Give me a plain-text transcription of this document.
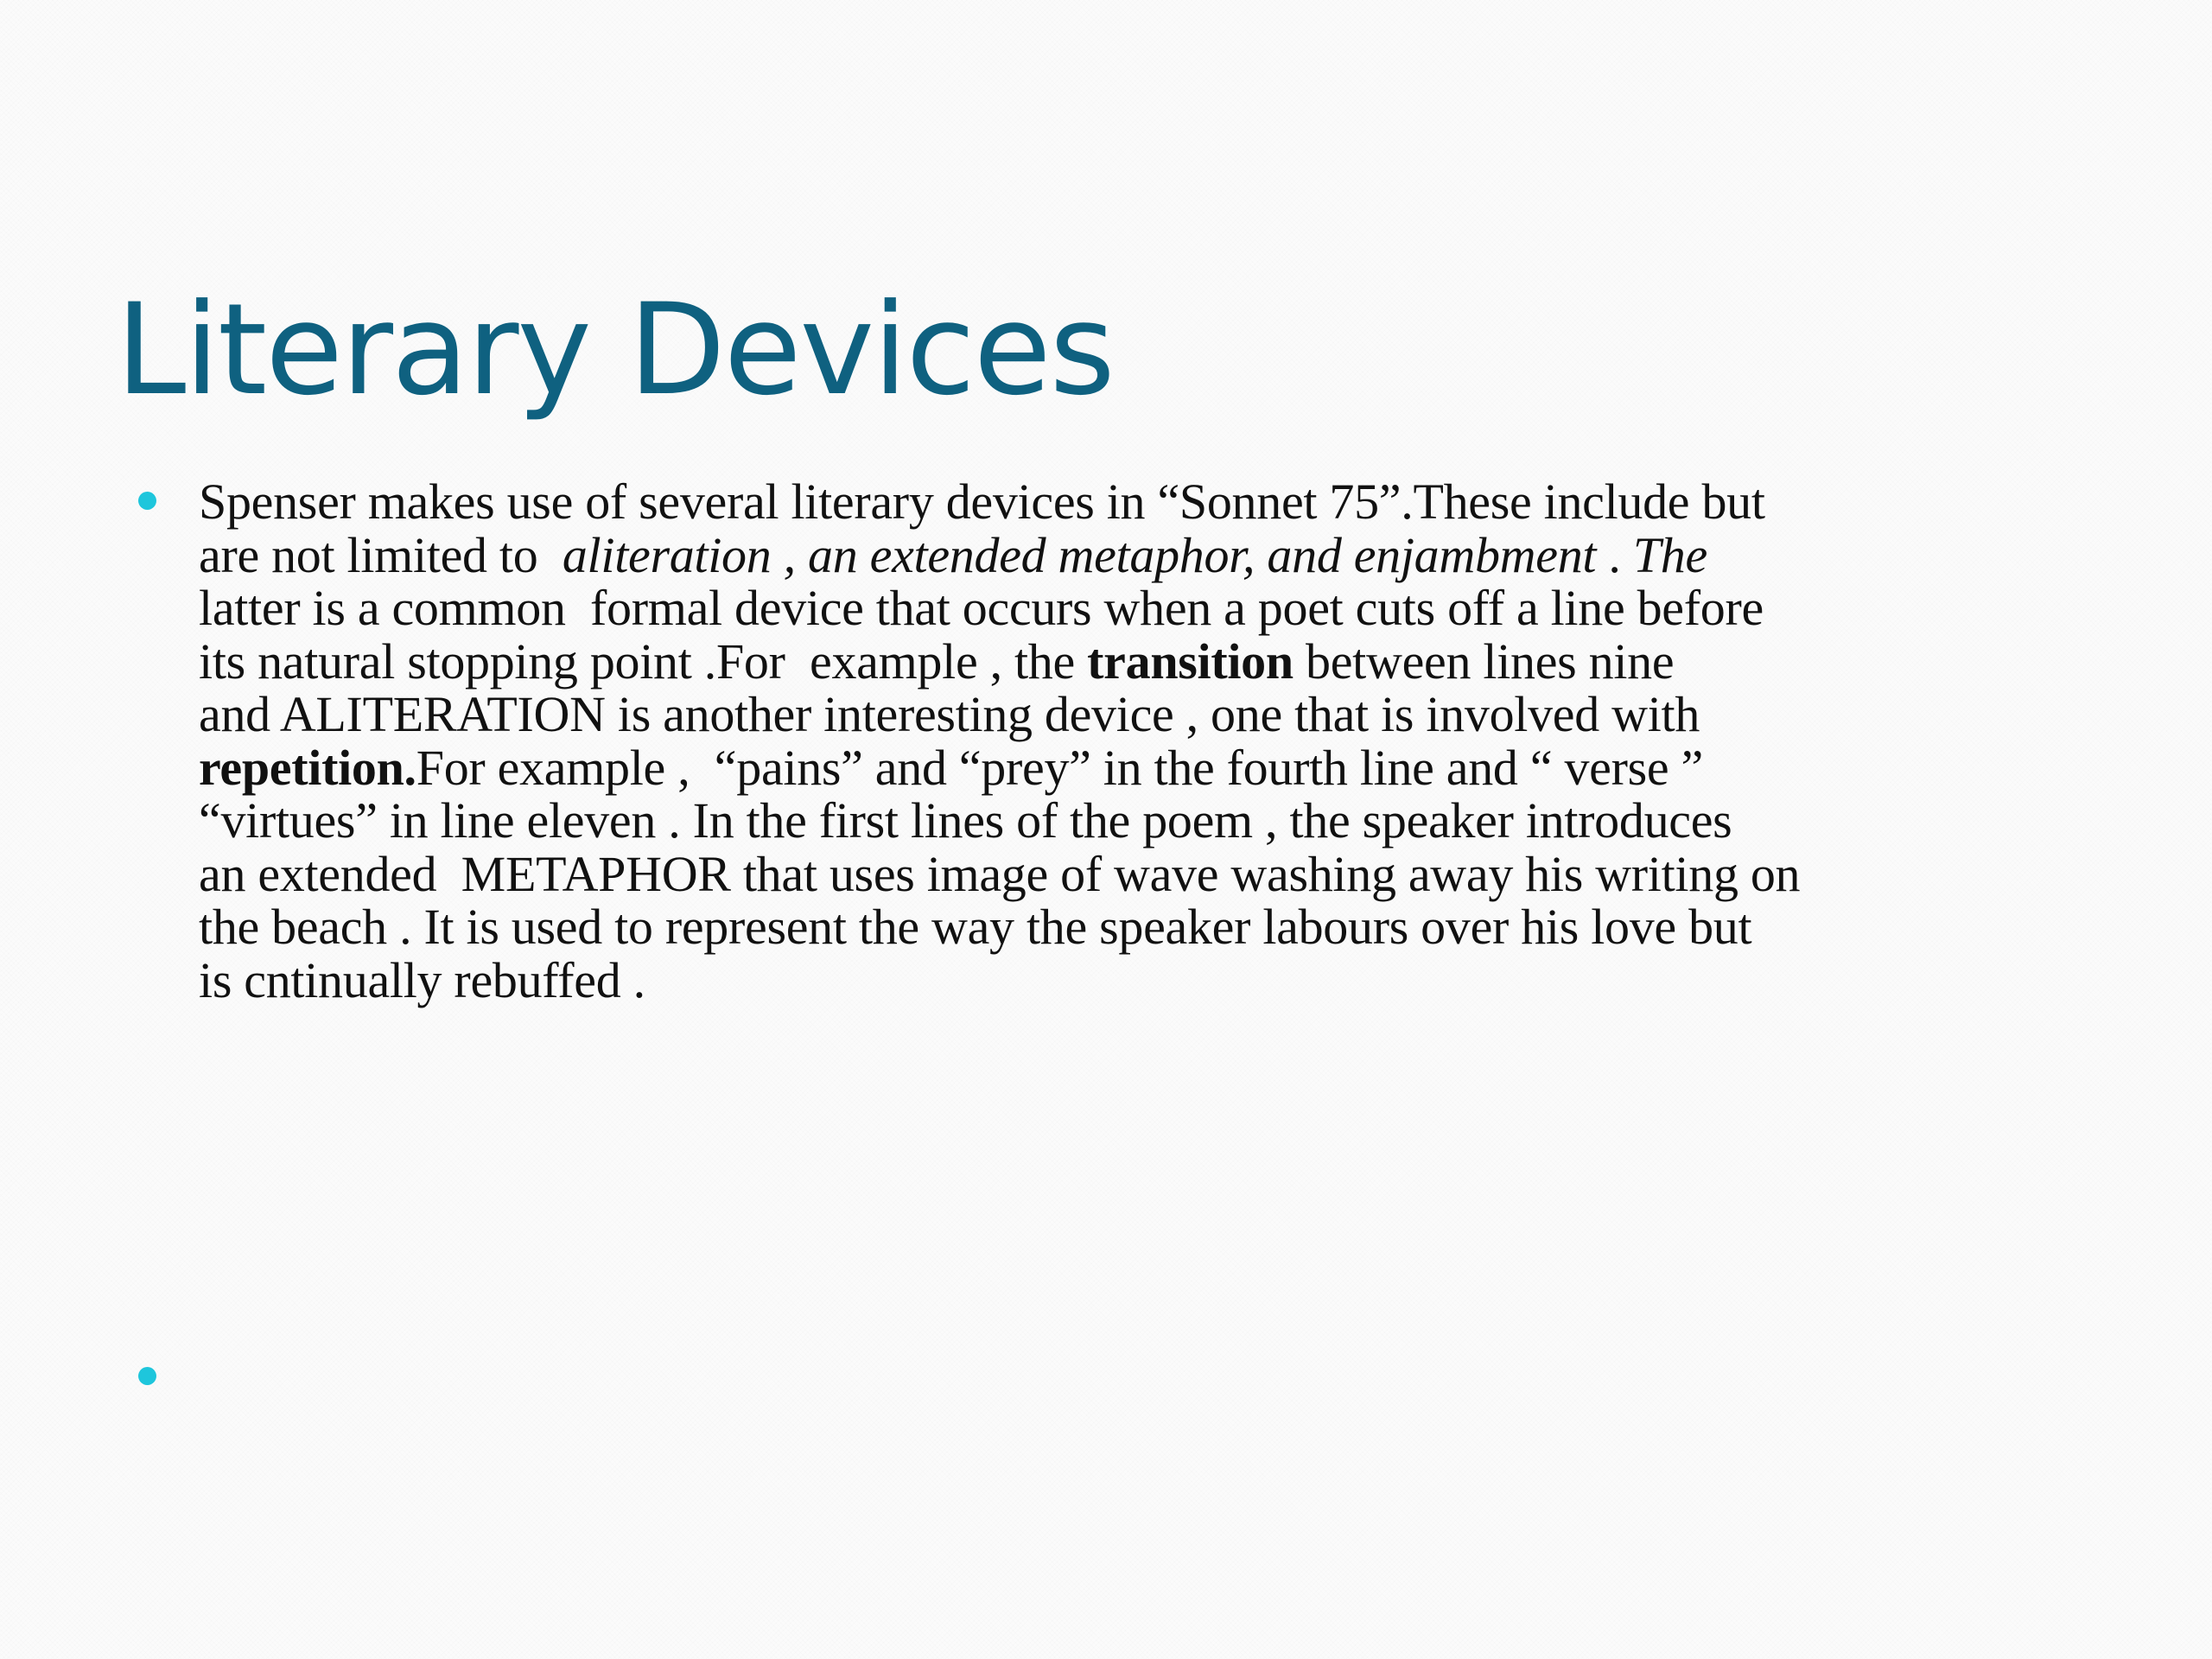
Literary Devices
Spenser makes use of several literary devices in “Sonnet 75”.These include but
are not limited to  aliteration , an extended metaphor, and enjambment . The
latter is a common  formal device that occurs when a poet cuts off a line before
its natural stopping point .For  example , the transition between lines nine
and ALITERATION is another interesting device , one that is involved with
repetition.For example ,  “pains” and “prey” in the fourth line and “ verse ”
“virtues” in line eleven . In the first lines of the poem , the speaker introduces
an extended  METAPHOR that uses image of wave washing away his writing on
the beach . It is used to represent the way the speaker labours over his love but
is cntinually rebuffed .
